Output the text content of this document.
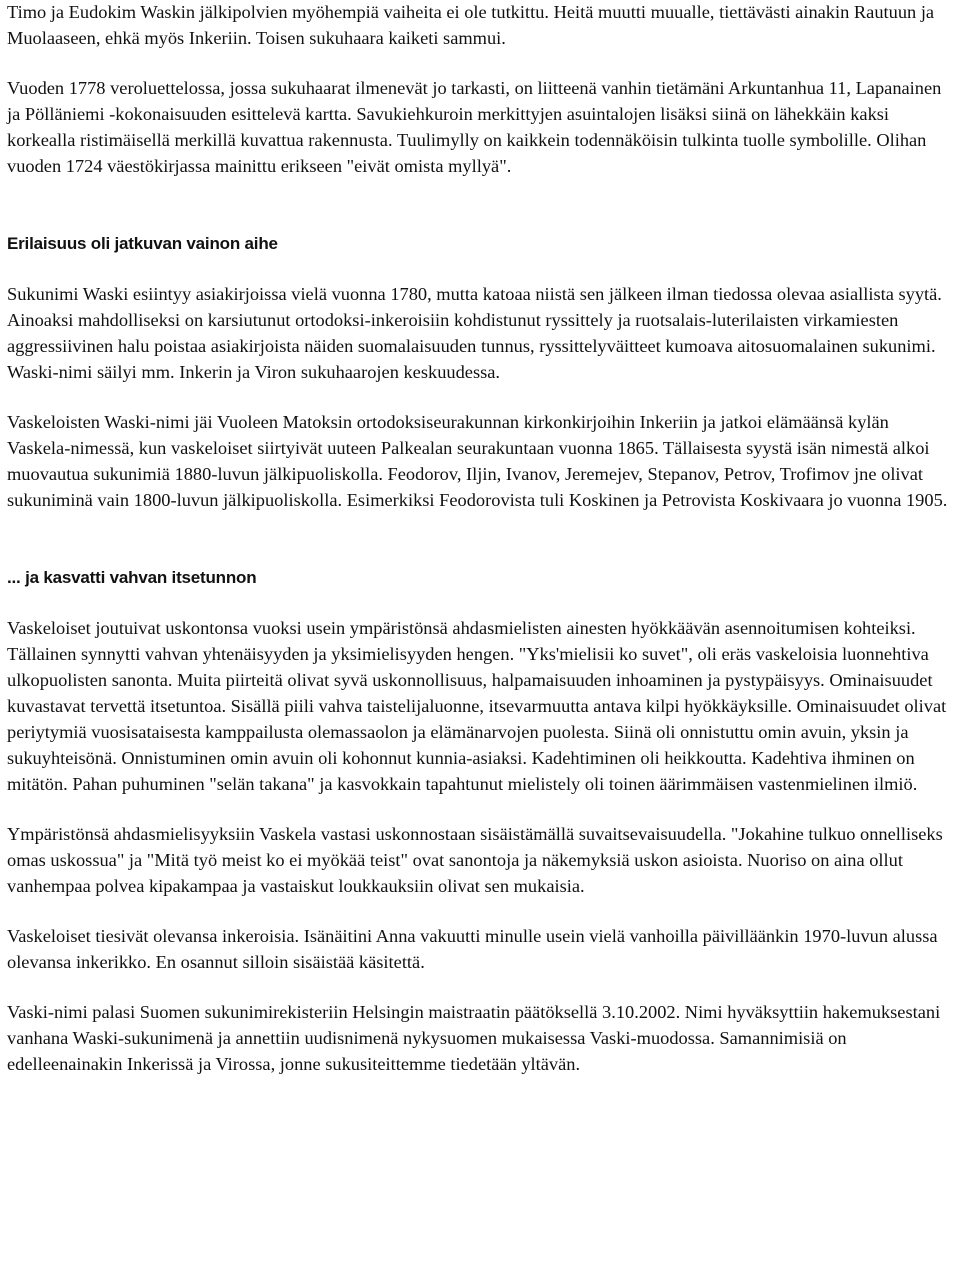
Timo ja Eudokim Waskin jälkipolvien myöhempiä vaiheita ei ole tutkittu. Heitä muutti muualle, tiettävästi ainakin Rautuun ja Muolaaseen, ehkä myös Inkeriin. Toisen sukuhaara kaiketi sammui.

Vuoden 1778 veroluettelossa, jossa sukuhaarat ilmenevät jo tarkasti, on liitteenä vanhin tietämäni Arkuntanhua 11, Lapanainen ja Pölläniemi -kokonaisuuden esittelevä kartta. Savukiehkuroin merkittyjen asuintalojen lisäksi siinä on lähekkäin kaksi korkealla ristimäisellä merkillä kuvattua rakennusta. Tuulimylly on kaikkein todennäköisin tulkinta tuolle symbolille. Olihan vuoden 1724 väestökirjassa mainittu erikseen "eivät omista myllyä".

Erilaisuus oli jatkuvan vainon aihe

Sukunimi Waski esiintyy asiakirjoissa vielä vuonna 1780, mutta katoaa niistä sen jälkeen ilman tiedossa olevaa asiallista syytä. Ainoaksi mahdolliseksi on karsiutunut ortodoksi-inkeroisiin kohdistunut ryssittely ja ruotsalais-luterilaisten virkamiesten aggressiivinen halu poistaa asiakirjoista näiden suomalaisuuden tunnus, ryssittelyväitteet kumoava aitosuomalainen sukunimi. Waski-nimi säilyi mm. Inkerin ja Viron sukuhaarojen keskuudessa.

Vaskeloisten Waski-nimi jäi Vuoleen Matoksin ortodoksiseurakunnan kirkonkirjoihin Inkeriin ja jatkoi elämäänsä kylän Vaskela-nimessä, kun vaskeloiset siirtyivät uuteen Palkealan seurakuntaan vuonna 1865. Tällaisesta syystä isän nimestä alkoi muovautua sukunimiä 1880-luvun jälkipuoliskolla. Feodorov, Iljin, Ivanov, Jeremejev, Stepanov, Petrov, Trofimov jne olivat sukuniminä vain 1800-luvun jälkipuoliskolla. Esimerkiksi Feodorovista tuli Koskinen ja Petrovista Koskivaara jo vuonna 1905.

... ja kasvatti vahvan itsetunnon

Vaskeloiset joutuivat uskontonsa vuoksi usein ympäristönsä ahdasmielisten ainesten hyökkäävän asennoitumisen kohteiksi. Tällainen synnytti vahvan yhtenäisyyden ja yksimielisyyden hengen. "Yks'mielisii ko suvet", oli eräs vaskeloisia luonnehtiva ulkopuolisten sanonta. Muita piirteitä olivat syvä uskonnollisuus, halpamaisuuden inhoaminen ja pystypäisyys. Ominaisuudet kuvastavat tervettä itsetuntoa. Sisällä piili vahva taistelijaluonne, itsevarmuutta antava kilpi hyökkäyksille. Ominaisuudet olivat periytymiä vuosisataisesta kamppailusta olemassaolon ja elämänarvojen puolesta. Siinä oli onnistuttu omin avuin, yksin ja sukuyhteisönä. Onnistuminen omin avuin oli kohonnut kunnia-asiaksi. Kadehtiminen oli heikkoutta. Kadehtiva ihminen on mitätön. Pahan puhuminen "selän takana" ja kasvokkain tapahtunut mielistely oli toinen äärimmäisen vastenmielinen ilmiö.

Ympäristönsä ahdasmielisyyksiin Vaskela vastasi uskonnostaan sisäistämällä suvaitsevaisuudella. "Jokahine tulkuo onnelliseks omas uskossua" ja "Mitä työ meist ko ei myökää teist" ovat sanontoja ja näkemyksiä uskon asioista. Nuoriso on aina ollut vanhempaa polvea kipakampaa ja vastaiskut loukkauksiin olivat sen mukaisia.

Vaskeloiset tiesivät olevansa inkeroisia. Isänäitini Anna vakuutti minulle usein vielä vanhoilla päivilläänkin 1970-luvun alussa olevansa inkerikko. En osannut silloin sisäistää käsitettä.

Vaski-nimi palasi Suomen sukunimirekisteriin Helsingin maistraatin päätöksellä 3.10.2002. Nimi hyväksyttiin hakemuksestani vanhana Waski-sukunimenä ja annettiin uudisnimenä nykysuomen mukaisessa Vaski-muodossa. Samannimisiä on edelleenainakin Inkerissä ja Virossa, jonne sukusiteittemme tiedetään yltävän.
